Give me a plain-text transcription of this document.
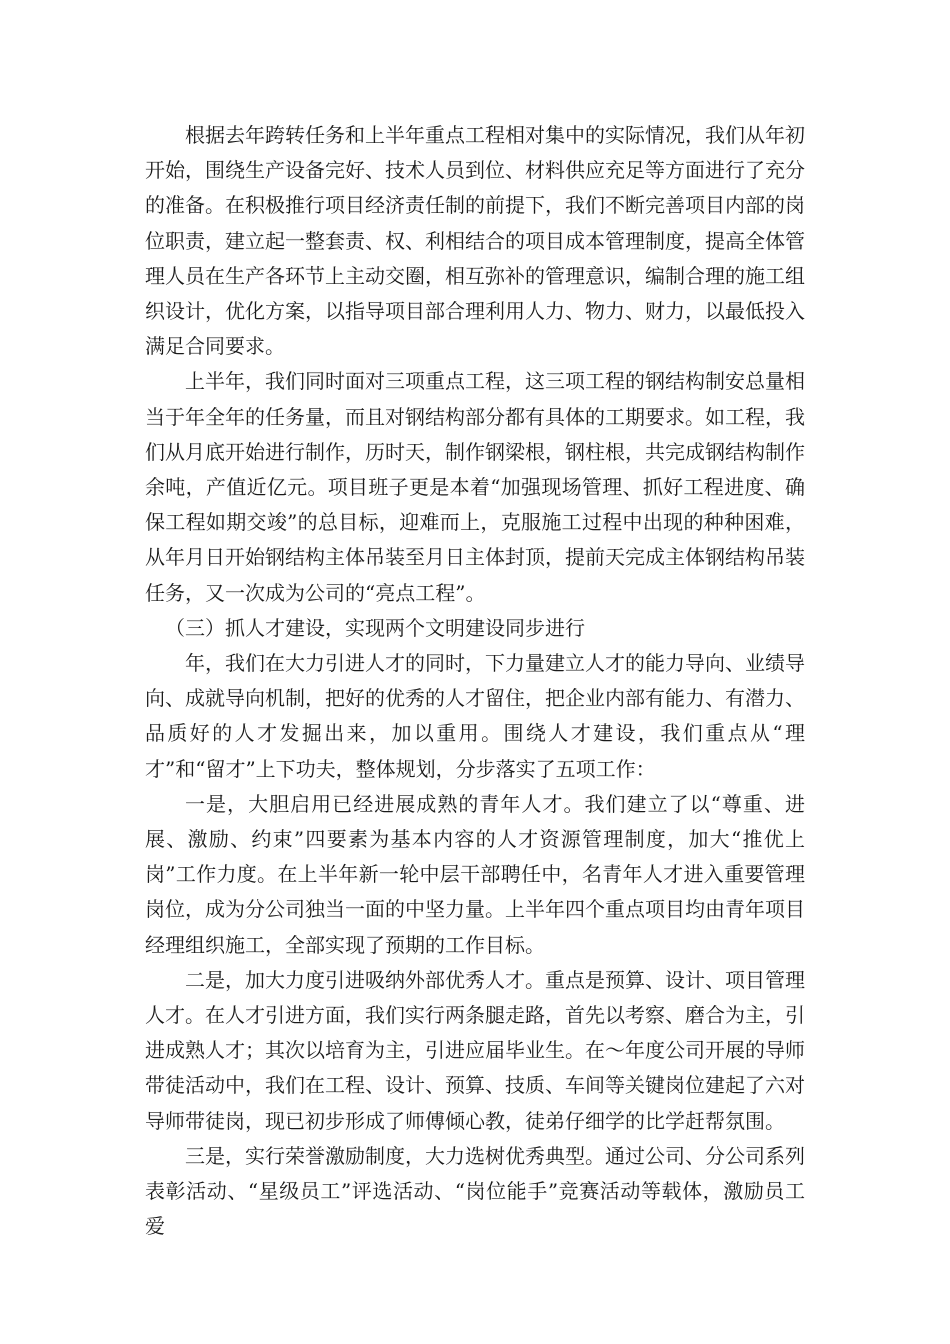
根据去年跨转任务和上半年重点工程相对集中的实际情况，我们从年初开始，围绕生产设备完好、技术人员到位、材料供应充足等方面进行了充分的准备。在积极推行项目经济责任制的前提下，我们不断完善项目内部的岗位职责，建立起一整套责、权、利相结合的项目成本管理制度，提高全体管理人员在生产各环节上主动交圈，相互弥补的管理意识，编制合理的施工组织设计，优化方案，以指导项目部合理利用人力、物力、财力，以最低投入满足合同要求。

上半年，我们同时面对三项重点工程，这三项工程的钢结构制安总量相当于年全年的任务量，而且对钢结构部分都有具体的工期要求。如工程，我们从月底开始进行制作，历时天，制作钢梁根，钢柱根，共完成钢结构制作余吨，产值近亿元。项目班子更是本着“加强现场管理、抓好工程进度、确保工程如期交竣”的总目标，迎难而上，克服施工过程中出现的种种困难，从年月日开始钢结构主体吊装至月日主体封顶，提前天完成主体钢结构吊装任务，又一次成为公司的“亮点工程”。

（三）抓人才建设，实现两个文明建设同步进行

年，我们在大力引进人才的同时，下力量建立人才的能力导向、业绩导向、成就导向机制，把好的优秀的人才留住，把企业内部有能力、有潜力、品质好的人才发掘出来，加以重用。围绕人才建设，我们重点从“理才”和“留才”上下功夫，整体规划，分步落实了五项工作：

一是，大胆启用已经进展成熟的青年人才。我们建立了以“尊重、进展、激励、约束”四要素为基本内容的人才资源管理制度，加大“推优上岗”工作力度。在上半年新一轮中层干部聘任中，名青年人才进入重要管理岗位，成为分公司独当一面的中坚力量。上半年四个重点项目均由青年项目经理组织施工，全部实现了预期的工作目标。

二是，加大力度引进吸纳外部优秀人才。重点是预算、设计、项目管理人才。在人才引进方面，我们实行两条腿走路，首先以考察、磨合为主，引进成熟人才；其次以培育为主，引进应届毕业生。在～年度公司开展的导师带徒活动中，我们在工程、设计、预算、技质、车间等关键岗位建起了六对导师带徒岗，现已初步形成了师傅倾心教，徒弟仔细学的比学赶帮氛围。

三是，实行荣誉激励制度，大力选树优秀典型。通过公司、分公司系列表彰活动、“星级员工”评选活动、“岗位能手”竞赛活动等载体，激励员工爱
